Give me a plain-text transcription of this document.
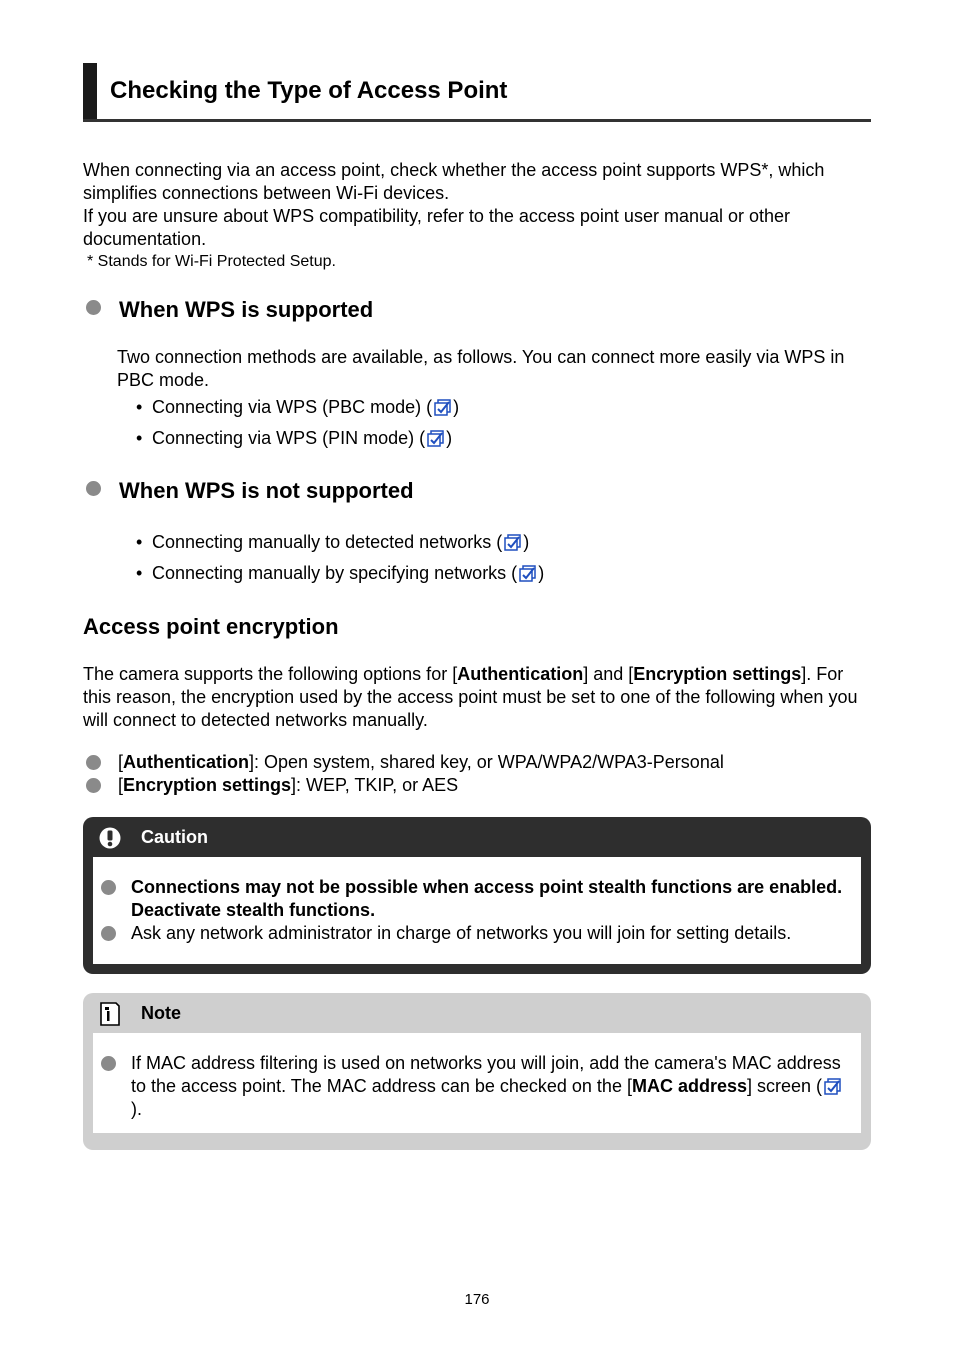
Checking the Type of Access Point

When connecting via an access point, check whether the access point supports WPS*, which simplifies connections between Wi-Fi devices.

If you are unsure about WPS compatibility, refer to the access point user manual or other documentation.

* Stands for Wi-Fi Protected Setup.

When WPS is supported

Two connection methods are available, as follows. You can connect more easily via WPS in PBC mode.

• Connecting via WPS (PBC mode) ( )
• Connecting via WPS (PIN mode) ( )
When WPS is not supported
• Connecting manually to detected networks ( )
• Connecting manually by specifying networks ( )
Access point encryption

The camera supports the following options for [Authentication] and [Encryption settings]. For this reason, the encryption used by the access point must be set to one of the following when you will connect to detected networks manually.

[Authentication]: Open system, shared key, or WPA/WPA2/WPA3-Personal
[Encryption settings]: WEP, TKIP, or AES
Caution
Connections may not be possible when access point stealth functions are enabled. Deactivate stealth functions.
Ask any network administrator in charge of networks you will join for setting details.
Note
If MAC address filtering is used on networks you will join, add the camera's MAC address to the access point. The MAC address can be checked on the [MAC address] screen ().
176
